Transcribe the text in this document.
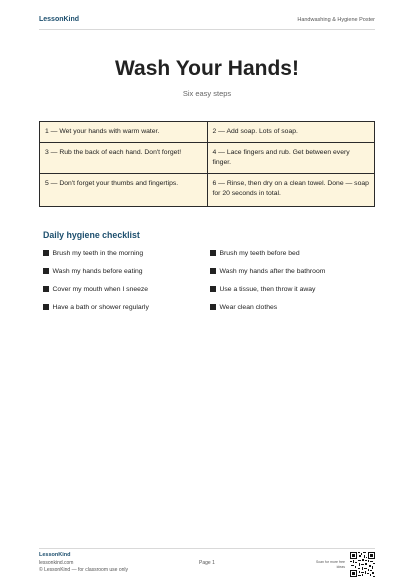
LessonKind	Handwashing & Hygiene Poster
Wash Your Hands!
Six easy steps
1 — Wet your hands with warm water.	2 — Add soap. Lots of soap.
3 — Rub the back of each hand. Don't forget!	4 — Lace fingers and rub. Get between every finger.
5 — Don't forget your thumbs and fingertips.	6 — Rinse, then dry on a clean towel. Done — soap for 20 seconds in total.
Daily hygiene checklist
Brush my teeth in the morning	Brush my teeth before bed
Wash my hands before eating	Wash my hands after the bathroom
Cover my mouth when I sneeze	Use a tissue, then throw it away
Have a bath or shower regularly	Wear clean clothes
LessonKind
lessonkind.com
© LessonKind — for classroom use only
Page 1	Scan for more free ideas
